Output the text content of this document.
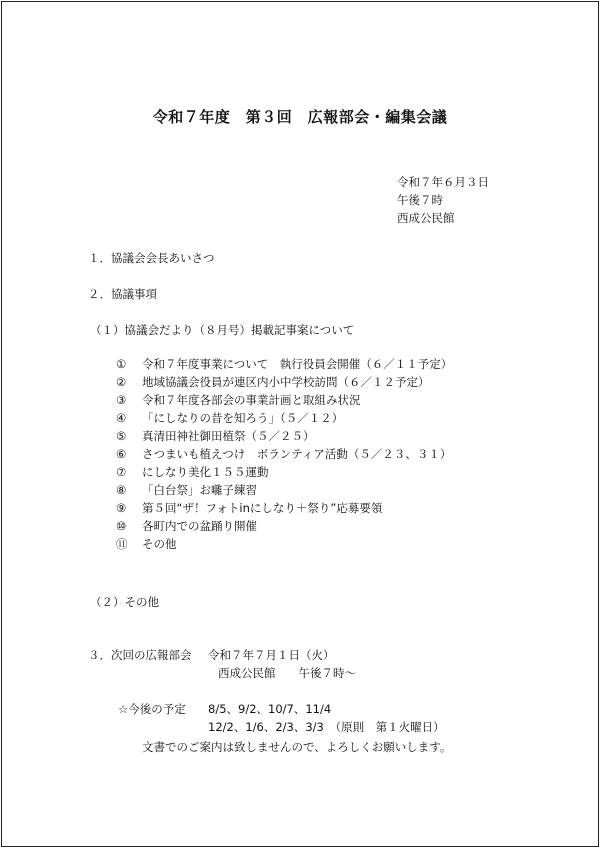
令和７年度　第３回　広報部会・編集会議
令和７年６月３日
午後７時
西成公民館
１．協議会会長あいさつ
２．協議事項
（１）協議会だより（８月号）掲載記事案について
①	令和７年度事業について　執行役員会開催（６／１１予定）
②	地域協議会役員が連区内小中学校訪問（６／１２予定）
③	令和７年度各部会の事業計画と取組み状況
④	「にしなりの昔を知ろう」（５／１２）
⑤	真清田神社御田植祭（５／２５）
⑥	さつまいも植えつけ　ボランティア活動（５／２３、３１）
⑦	にしなり美化１５５運動
⑧	「白台祭」お囃子練習
⑨	第５回“ザ！フォトinにしなり＋祭り”応募要領
⑩	各町内での盆踊り開催
⑪	その他
（２）その他
３．次回の広報部会 令和７年７月１日（火）
西成公民館　　午後７時～
☆今後の予定 8/5、9/2、10/7、11/4
12/2、1/6、2/3、3/3　（原則　第１火曜日）
文書でのご案内は致しませんので、よろしくお願いします。
